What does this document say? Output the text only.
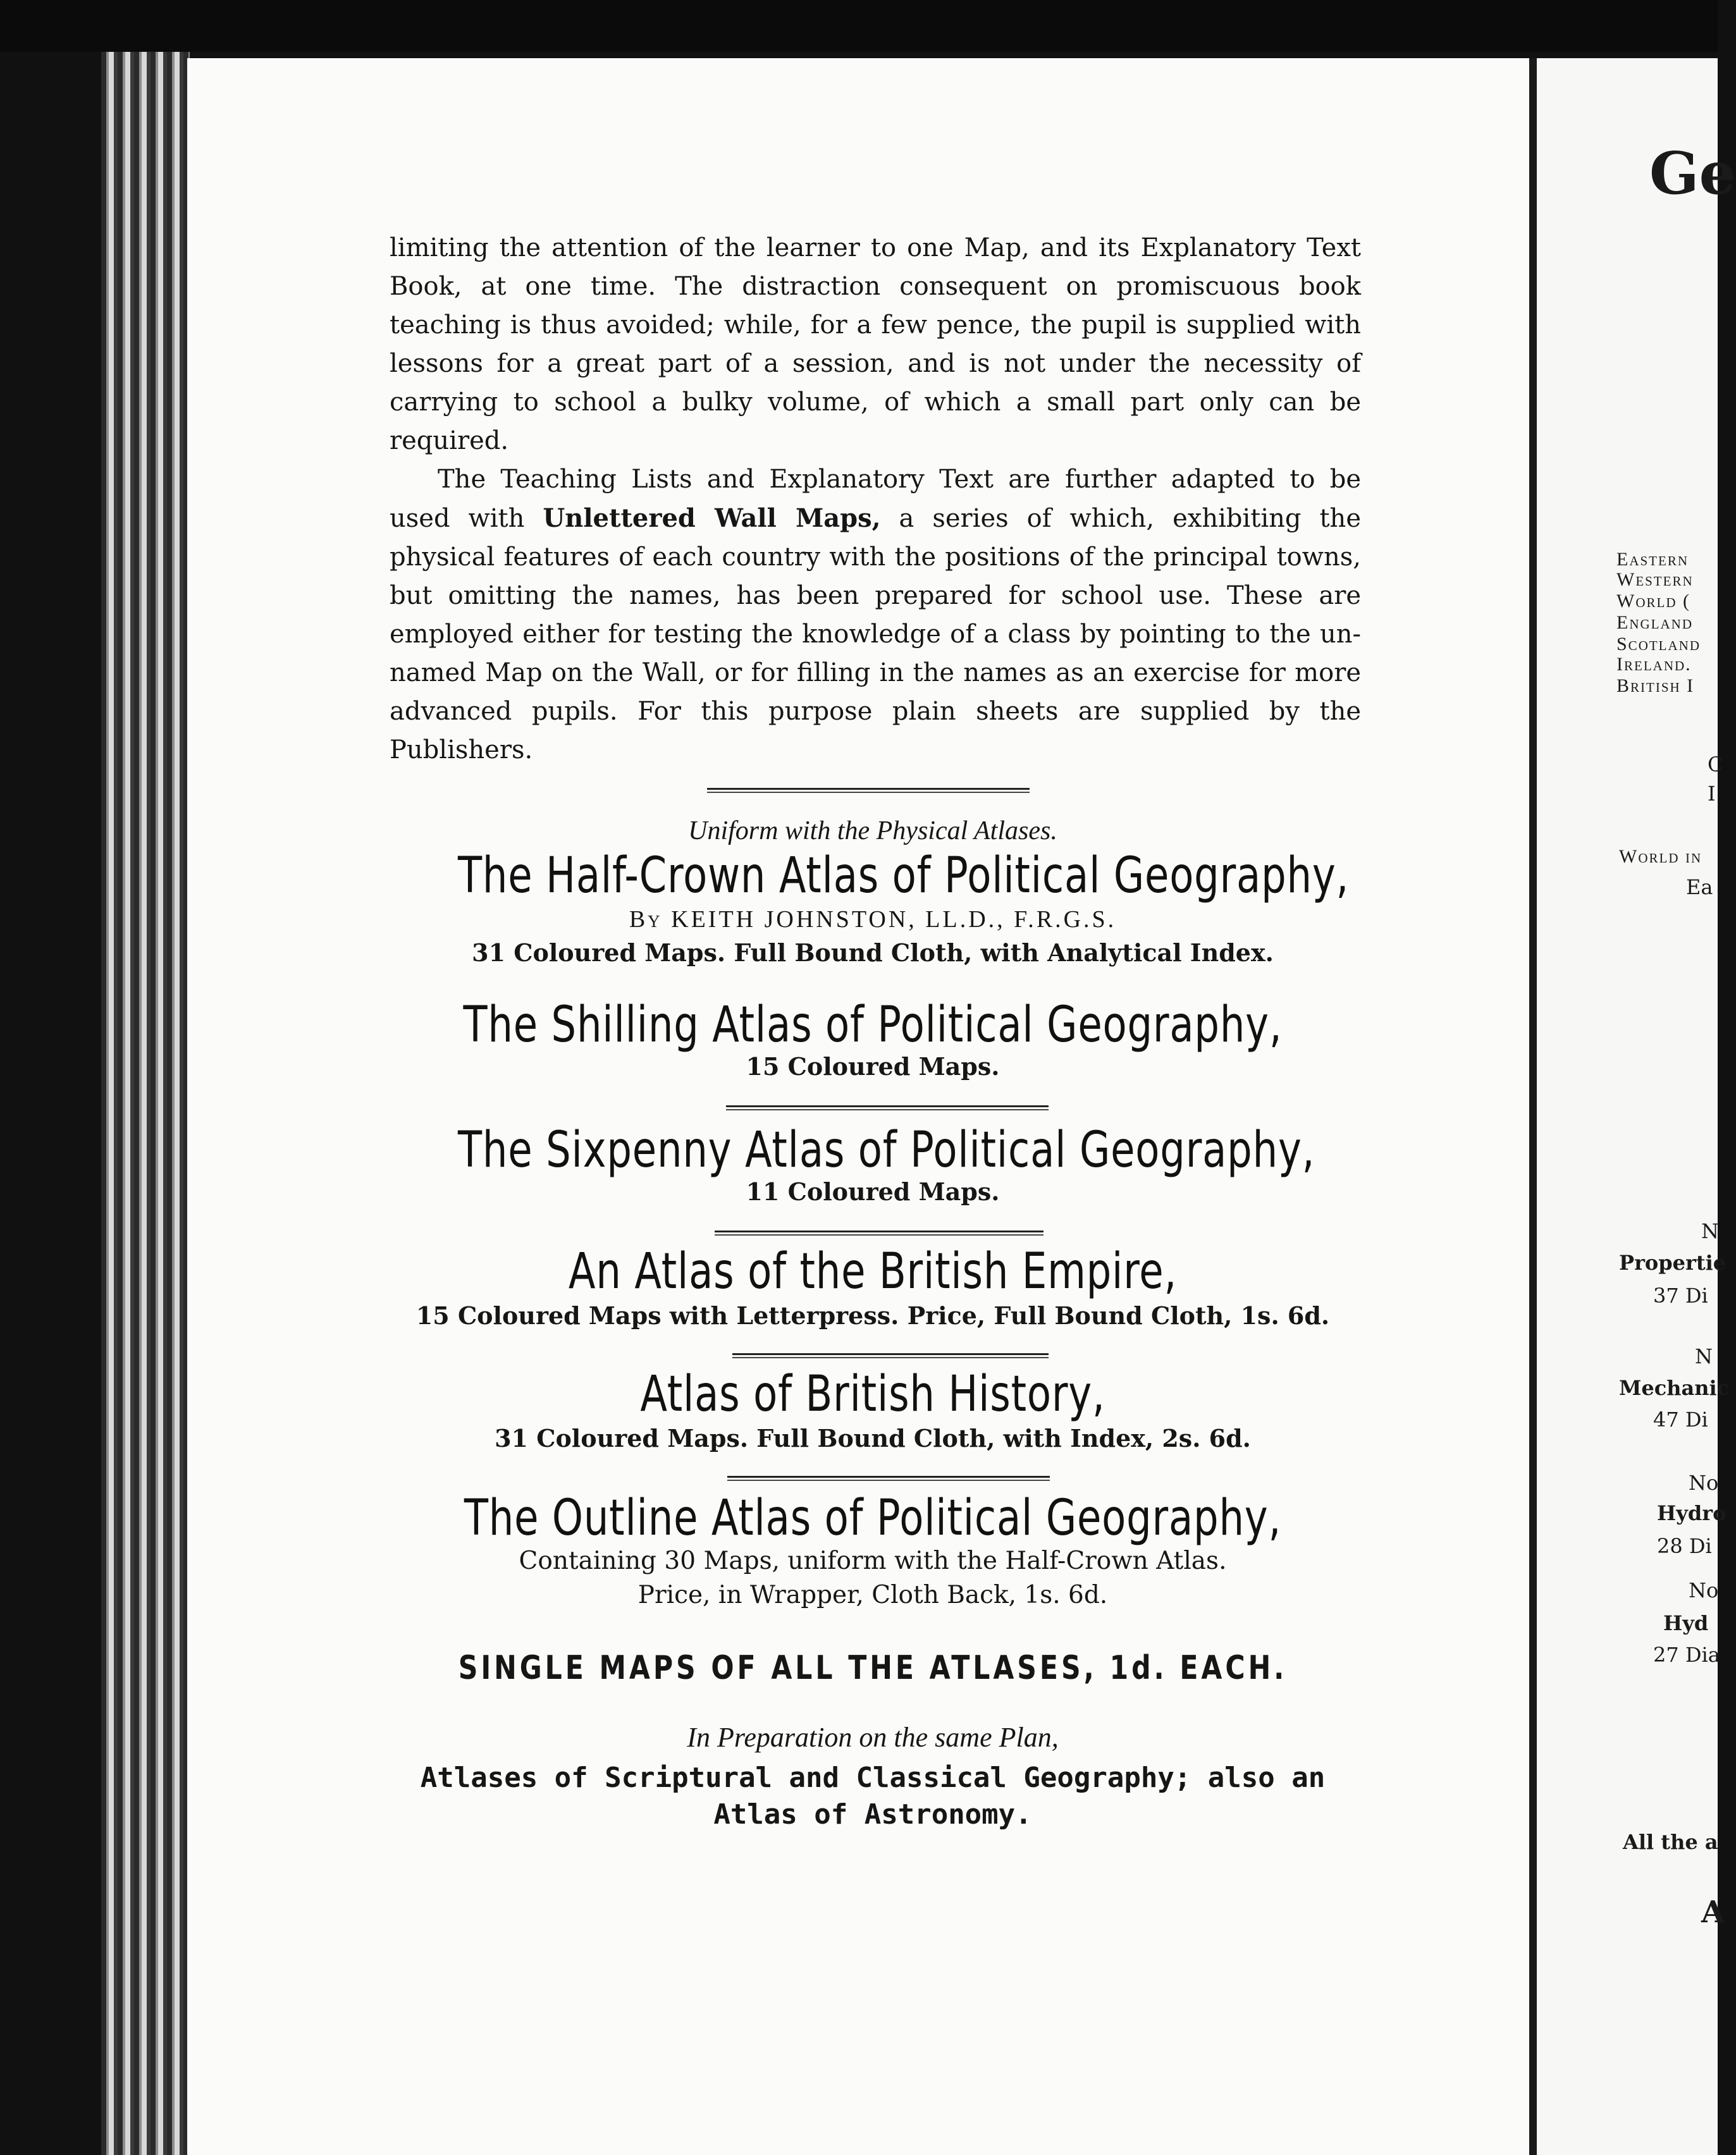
limiting the attention of the learner to one Map, and its Explanatory Text Book, at one time. The distraction consequent on promiscuous book teaching is thus avoided; while, for a few pence, the pupil is supplied with lessons for a great part of a session, and is not under the necessity of carrying to school a bulky volume, of which a small part only can be required.

The Teaching Lists and Explanatory Text are further adapted to be used with Unlettered Wall Maps, a series of which, exhibiting the physical features of each country with the positions of the principal towns, but omitting the names, has been prepared for school use. These are employed either for testing the knowledge of a class by pointing to the un-named Map on the Wall, or for filling in the names as an exercise for more advanced pupils. For this purpose plain sheets are supplied by the Publishers.

Uniform with the Physical Atlases.
The Half-Crown Atlas of Political Geography,
By KEITH JOHNSTON, LL.D., F.R.G.S.
31 Coloured Maps. Full Bound Cloth, with Analytical Index.
The Shilling Atlas of Political Geography,
15 Coloured Maps.
The Sixpenny Atlas of Political Geography,
11 Coloured Maps.
An Atlas of the British Empire,
15 Coloured Maps with Letterpress. Price, Full Bound Cloth, 1s. 6d.
Atlas of British History,
31 Coloured Maps. Full Bound Cloth, with Index, 2s. 6d.
The Outline Atlas of Political Geography,
Containing 30 Maps, uniform with the Half-Crown Atlas.
Price, in Wrapper, Cloth Back, 1s. 6d.
SINGLE MAPS OF ALL THE ATLASES, 1d. EACH.
In Preparation on the same Plan,
Atlases of Scriptural and Classical Geography; also an
Atlas of Astronomy.
Ge
Eastern
Western
World (
England
Scotland
Ireland.
British I
C
I
World in
Ea
N
Propertie
37 Di
N
Mechanic
47 Di
No
Hydro
28 Di
No
Hyd
27 Dia
All the a
A
